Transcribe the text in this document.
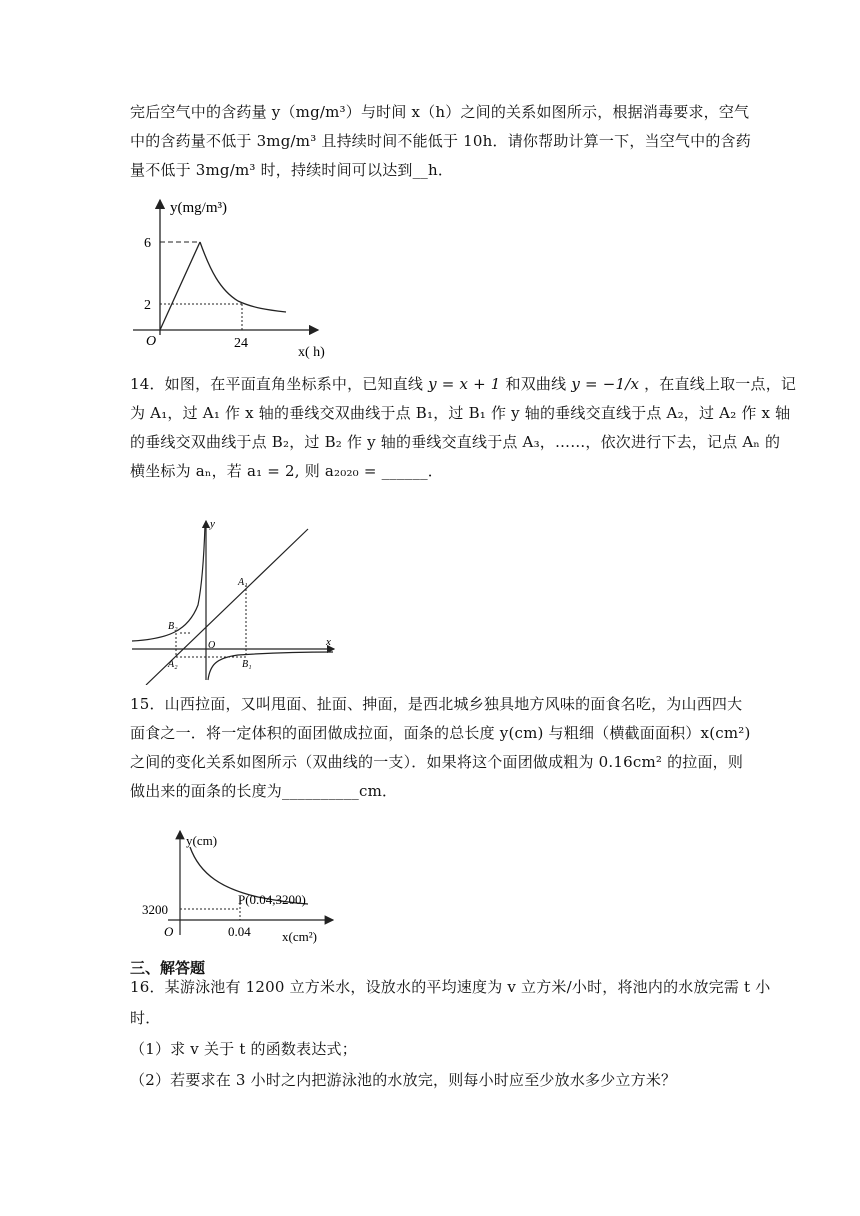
完后空气中的含药量 y（mg/m³）与时间 x（h）之间的关系如图所示，根据消毒要求，空气
中的含药量不低于 3mg/m³ 且持续时间不能低于 10h．请你帮助计算一下，当空气中的含药
量不低于 3mg/m³ 时，持续时间可以达到__h．
y(mg/m³)
6
2
24
O
x( h)
14．如图，在平面直角坐标系中，已知直线 y = x + 1 和双曲线 y = −1/x ，在直线上取一点，记
为 A₁，过 A₁ 作 x 轴的垂线交双曲线于点 B₁，过 B₁ 作 y 轴的垂线交直线于点 A₂，过 A₂ 作 x 轴
的垂线交双曲线于点 B₂，过 B₂ 作 y 轴的垂线交直线于点 A₃，……，依次进行下去，记点 Aₙ 的
横坐标为 aₙ，若 a₁ = 2, 则 a₂₀₂₀ = ______．
y
x
O
A₁
A₂	B₁
B₂
15．山西拉面，又叫甩面、扯面、抻面，是西北城乡独具地方风味的面食名吃，为山西四大
面食之一．将一定体积的面团做成拉面，面条的总长度 y(cm) 与粗细（横截面面积）x(cm²)
之间的变化关系如图所示（双曲线的一支）．如果将这个面团做成粗为 0.16cm² 的拉面，则
做出来的面条的长度为__________cm．
y(cm)
P(0.04,3200)
3200
0.04
O	x(cm²)
三、解答题
16．某游泳池有 1200 立方米水，设放水的平均速度为 v 立方米/小时，将池内的水放完需 t 小
时．
（1）求 v 关于 t 的函数表达式；
（2）若要求在 3 小时之内把游泳池的水放完，则每小时应至少放水多少立方米？
